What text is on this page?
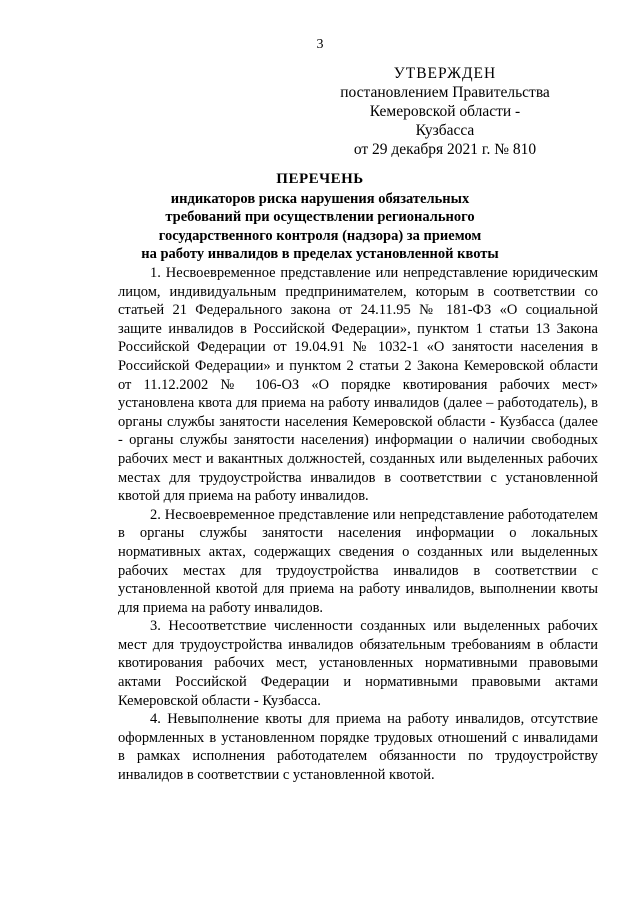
3
УТВЕРЖДЕН
постановлением Правительства
Кемеровской области - Кузбасса
от 29 декабря 2021 г. № 810
ПЕРЕЧЕНЬ
индикаторов риска нарушения обязательных
требований при осуществлении регионального
государственного контроля (надзора) за приемом
на работу инвалидов в пределах установленной квоты

1. Несвоевременное представление или непредставление юридическим лицом, индивидуальным предпринимателем, которым в соответствии со статьей 21 Федерального закона от 24.11.95 № 181-ФЗ «О социальной защите инвалидов в Российской Федерации», пунктом 1 статьи 13 Закона Российской Федерации от 19.04.91 № 1032-1 «О занятости населения в Российской Федерации» и пунктом 2 статьи 2 Закона Кемеровской области от 11.12.2002 № 106-ОЗ «О порядке квотирования рабочих мест» установлена квота для приема на работу инвалидов (далее – работодатель), в органы службы занятости населения Кемеровской области - Кузбасса (далее - органы службы занятости населения) информации о наличии свободных рабочих мест и вакантных должностей, созданных или выделенных рабочих местах для трудоустройства инвалидов в соответствии с установленной квотой для приема на работу инвалидов.

2. Несвоевременное представление или непредставление работодателем в органы службы занятости населения информации о локальных нормативных актах, содержащих сведения о созданных или выделенных рабочих местах для трудоустройства инвалидов в соответствии с установленной квотой для приема на работу инвалидов, выполнении квоты для приема на работу инвалидов.

3. Несоответствие численности созданных или выделенных рабочих мест для трудоустройства инвалидов обязательным требованиям в области квотирования рабочих мест, установленных нормативными правовыми актами Российской Федерации и нормативными правовыми актами Кемеровской области - Кузбасса.

4. Невыполнение квоты для приема на работу инвалидов, отсутствие оформленных в установленном порядке трудовых отношений с инвалидами в рамках исполнения работодателем обязанности по трудоустройству инвалидов в соответствии с установленной квотой.
